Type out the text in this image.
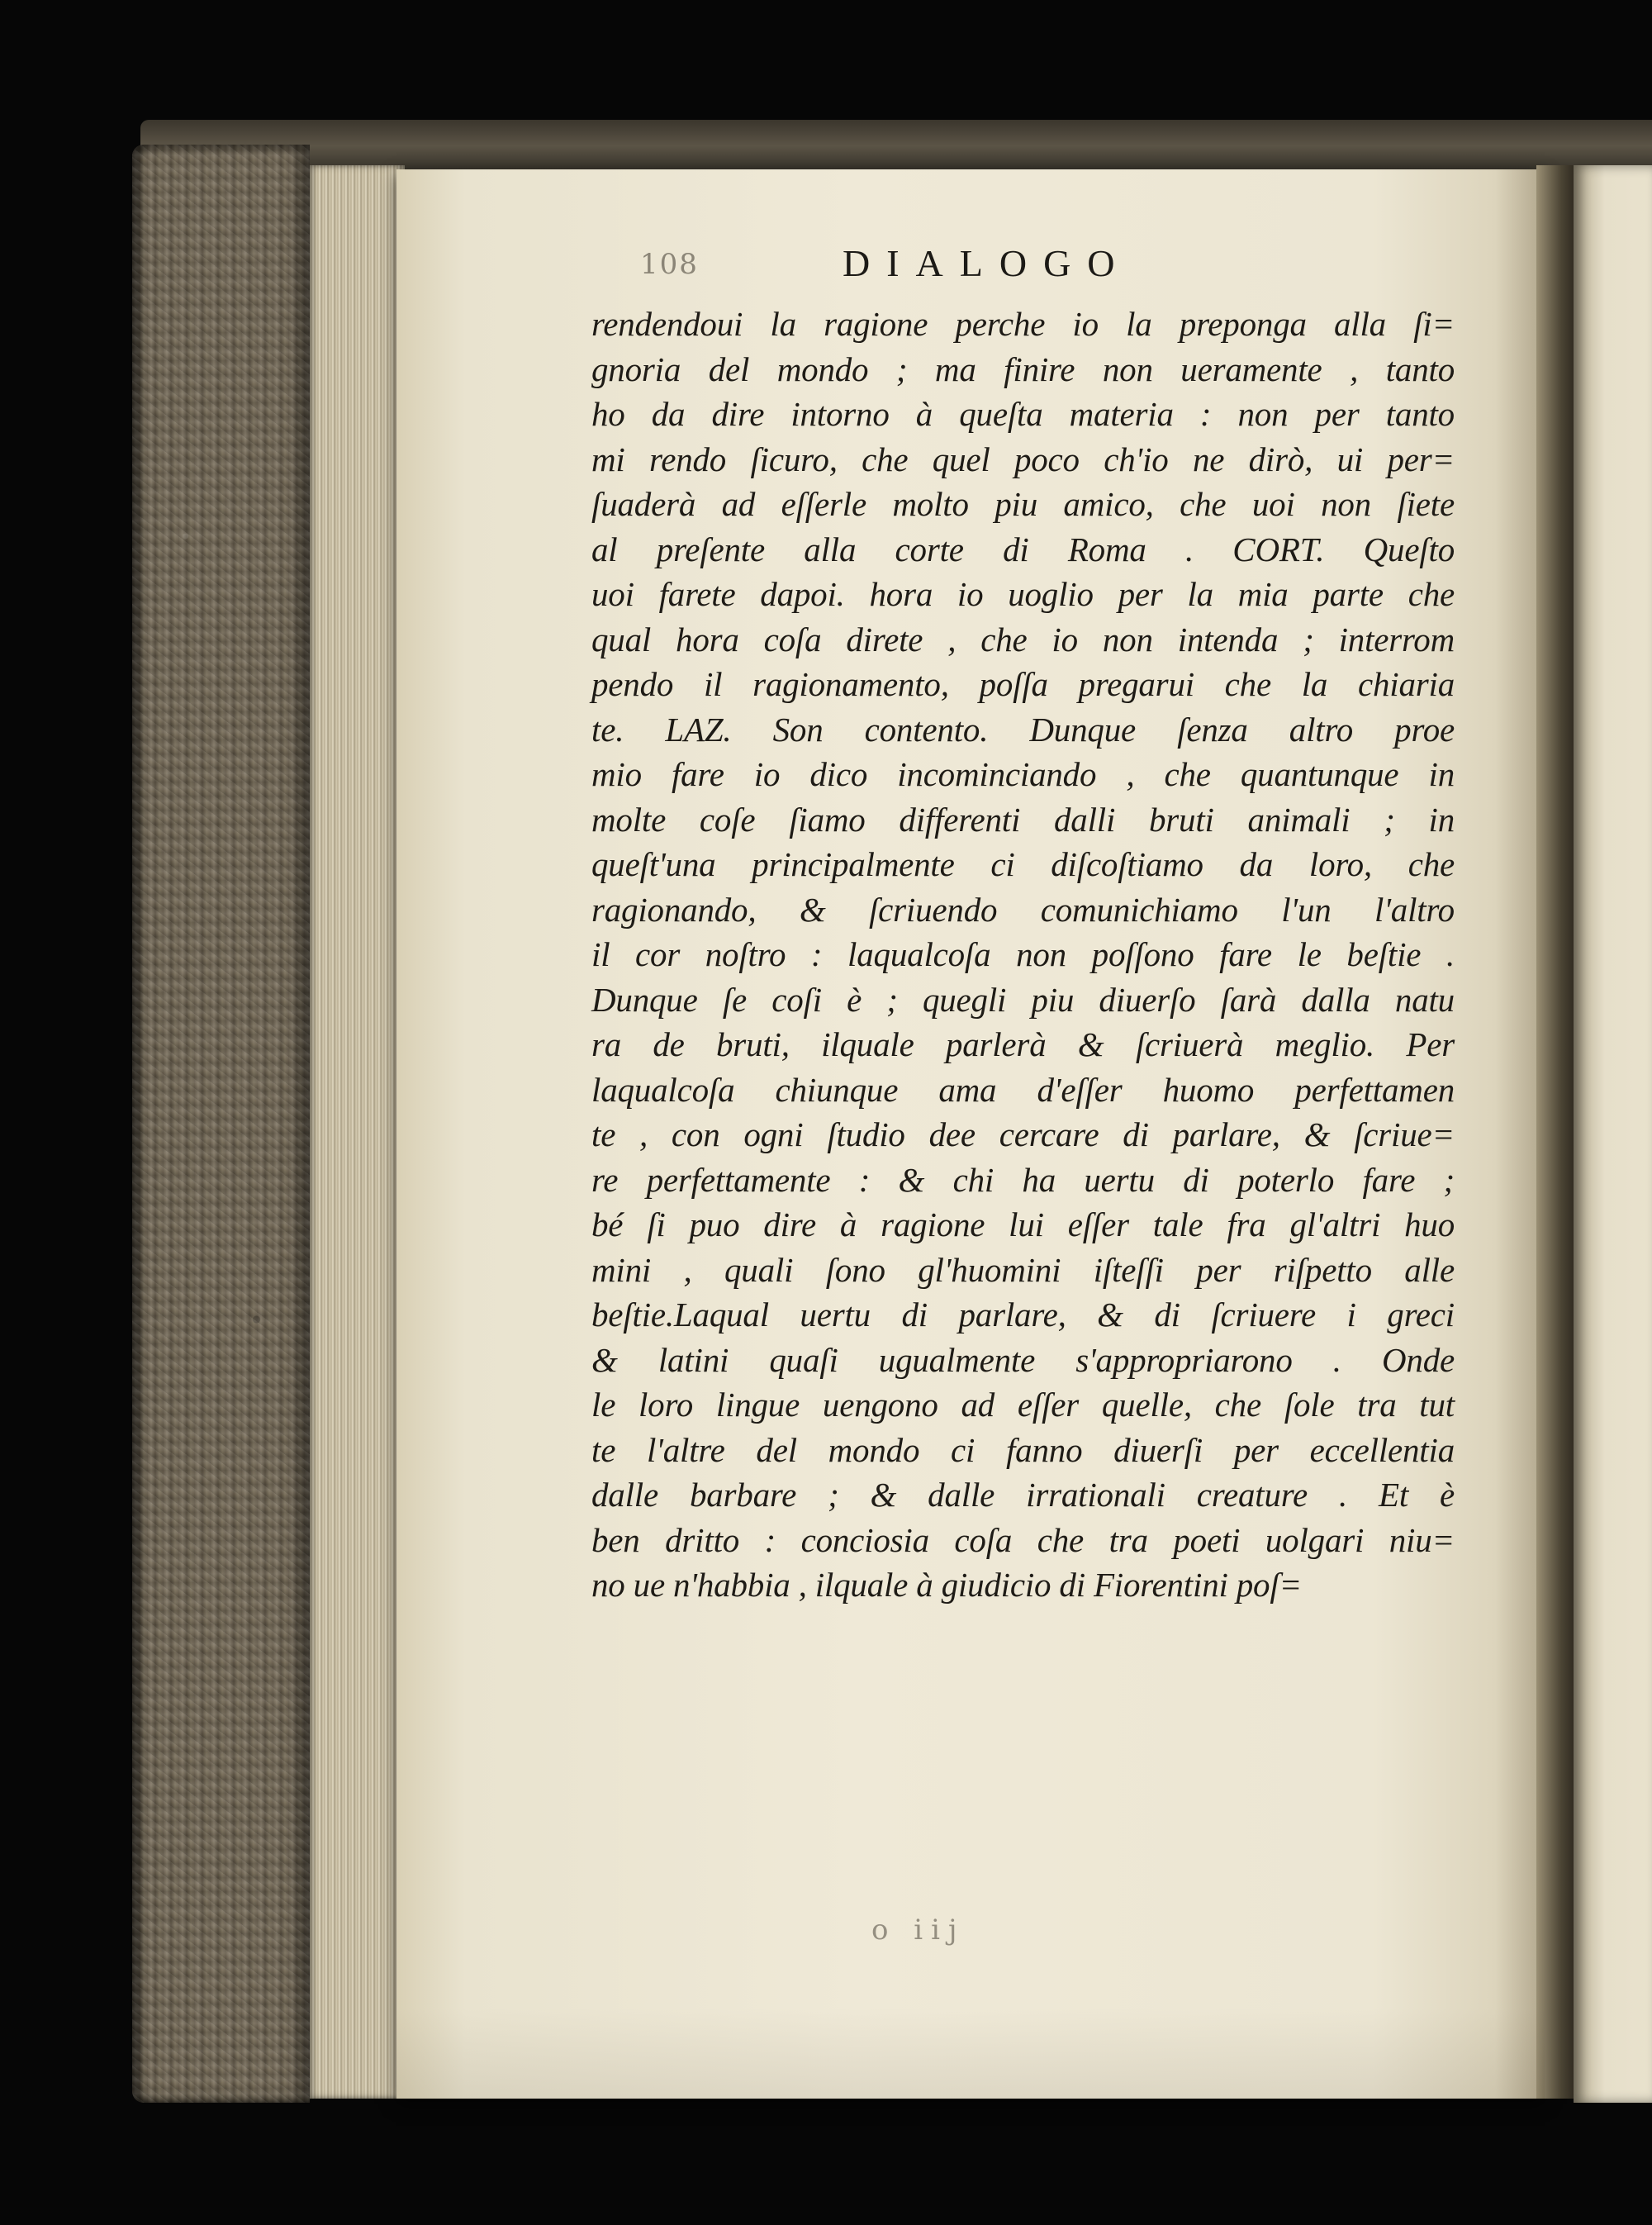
108	DIALOGO
rendendoui la ragione perche io la preponga alla ſi=
gnoria del mondo ; ma finire non ueramente , tanto
ho da dire intorno à queſta materia : non per tanto
mi rendo ſicuro, che quel poco ch'io ne dirò, ui per=
ſuaderà ad eſſerle molto piu amico, che uoi non ſiete
al preſente alla corte di Roma . CORT. Queſto
uoi farete dapoi. hora io uoglio per la mia parte che
qual hora coſa direte , che io non intenda ; interrom
pendo il ragionamento, poſſa pregarui che la chiaria
te. LAZ. Son contento. Dunque ſenza altro proe
mio fare io dico incominciando , che quantunque in
molte coſe ſiamo differenti dalli bruti animali ; in
queſt'una principalmente ci diſcoſtiamo da loro, che
ragionando, & ſcriuendo comunichiamo l'un l'altro
il cor noſtro : laqualcoſa non poſſono fare le beſtie .
Dunque ſe coſi è ; quegli piu diuerſo ſarà dalla natu
ra de bruti, ilquale parlerà & ſcriuerà meglio. Per
laqualcoſa chiunque ama d'eſſer huomo perfettamen
te , con ogni ſtudio dee cercare di parlare, & ſcriue=
re perfettamente : & chi ha uertu di poterlo fare ;
bé ſi puo dire à ragione lui eſſer tale fra gl'altri huo
mini , quali ſono gl'huomini iſteſſi per riſpetto alle
beſtie.Laqual uertu di parlare, & di ſcriuere i greci
& latini quaſi ugualmente s'appropriarono . Onde
le loro lingue uengono ad eſſer quelle, che ſole tra tut
te l'altre del mondo ci fanno diuerſi per eccellentia
dalle barbare ; & dalle irrationali creature . Et è
ben dritto : conciosia coſa che tra poeti uolgari niu=
no ue n'habbia , ilquale à giudicio di Fiorentini poſ=
o iij
